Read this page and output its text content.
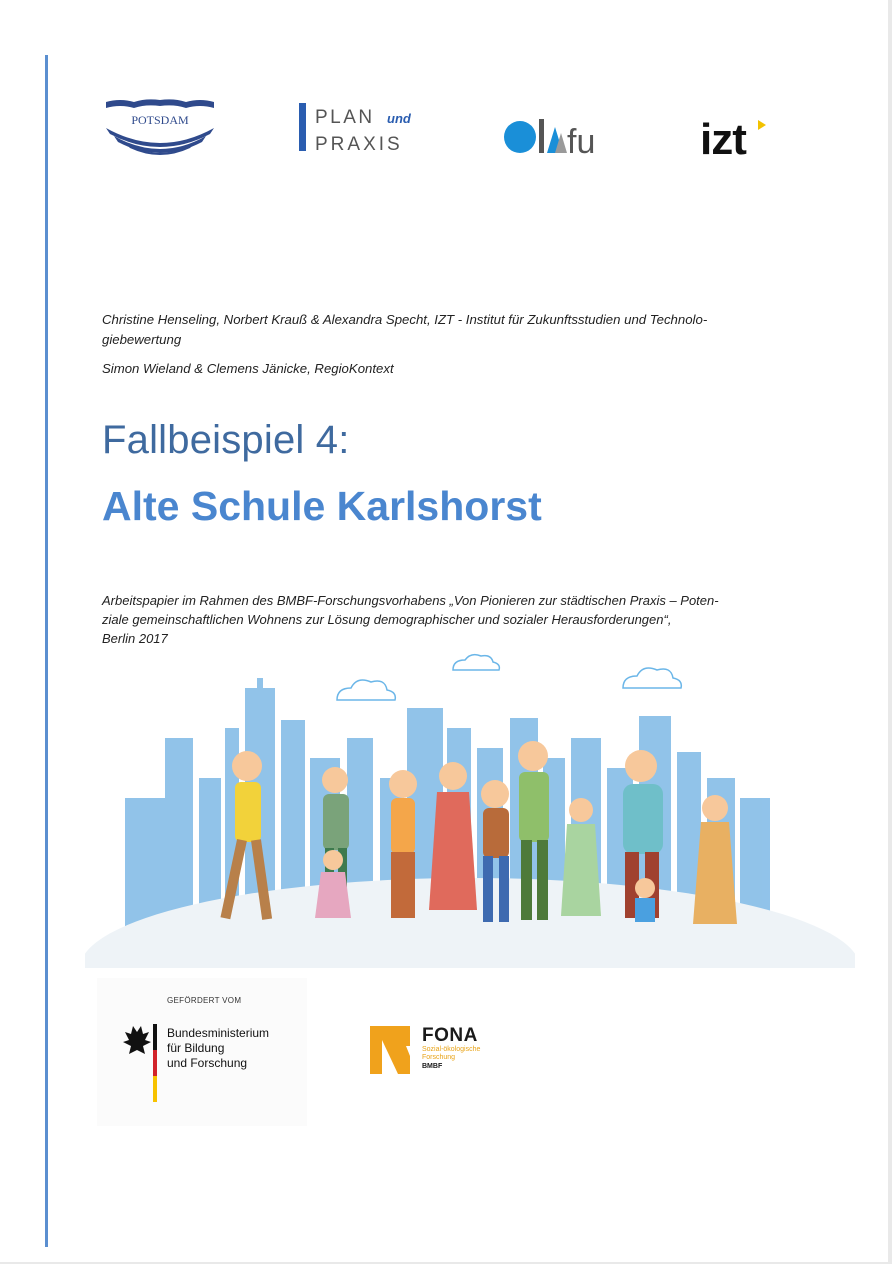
POTSDAM	PLAN und
PRAXIS	fu izt

Christine Henseling, Norbert Krauß & Alexandra Specht, IZT - Institut für Zukunftsstudien und Technolo-
giebewertung

Simon Wieland & Clemens Jänicke, RegioKontext

Fallbeispiel 4:
Alte Schule Karlshorst
Arbeitspapier im Rahmen des BMBF-Forschungsvorhabens „Von Pionieren zur städtischen Praxis – Poten-
ziale gemeinschaftlichen Wohnens zur Lösung demographischer und sozialer Herausforderungen“,
Berlin 2017
GEFÖRDERT VOM
Bundesministerium
für Bildung
und Forschung
FONA
Sozial-ökologische
Forschung
BMBF
